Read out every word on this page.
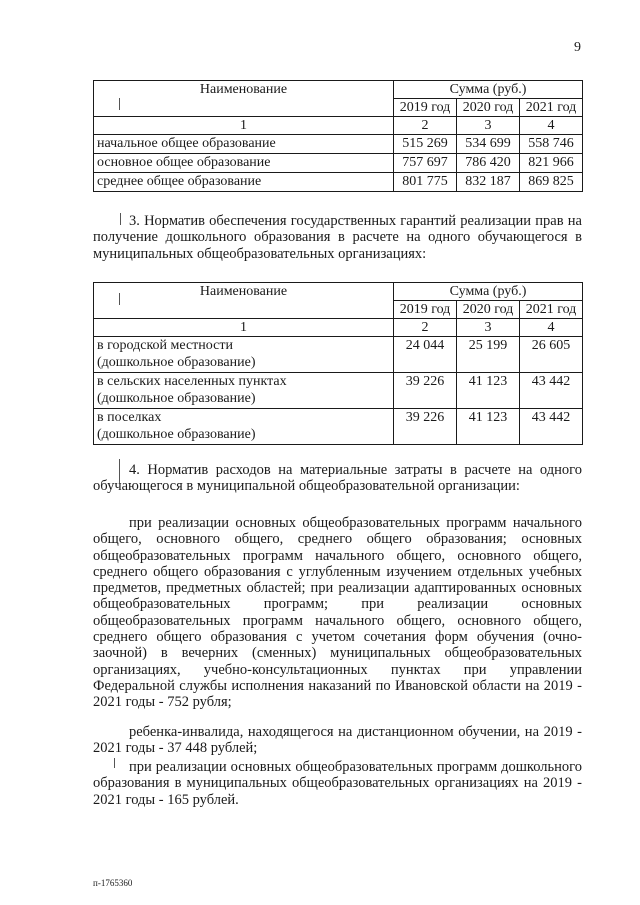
9
Наименование	Сумма (руб.)		
	2019 год	2020 год	2021 год
1	2	3	4
начальное общее образование	515 269	534 699	558 746
основное общее образование	757 697	786 420	821 966
среднее общее образование	801 775	832 187	869 825

3. Норматив обеспечения государственных гарантий реализации прав на получение дошкольного образования в расчете на одного обучающегося в муниципальных общеобразовательных организациях:

Наименование	Сумма (руб.)		
	2019 год	2020 год	2021 год
1	2	3	4

в городской местности
(дошкольное образование)	24 044	25 199	26 605

в сельских населенных пунктах
(дошкольное образование)	39 226	41 123	43 442

в поселках
(дошкольное образование)	39 226	41 123	43 442

4. Норматив расходов на материальные затраты в расчете на одного обучающегося в муниципальной общеобразовательной организации:

при реализации основных общеобразовательных программ начального общего, основного общего, среднего общего образования; основных общеобразовательных программ начального общего, основного общего, среднего общего образования с углубленным изучением отдельных учебных предметов, предметных областей; при реализации адаптированных основных общеобразовательных программ; при реализации основных общеобразовательных программ начального общего, основного общего, среднего общего образования с учетом сочетания форм обучения (очно-заочной) в вечерних (сменных) муниципальных общеобразовательных организациях, учебно-консультационных пунктах при управлении Федеральной службы исполнения наказаний по Ивановской области на 2019 - 2021 годы - 752 рубля;

ребенка-инвалида, находящегося на дистанционном обучении, на 2019 - 2021 годы - 37 448 рублей;

при реализации основных общеобразовательных программ дошкольного образования в муниципальных общеобразовательных организациях на 2019 - 2021 годы - 165 рублей.

п-1765360
